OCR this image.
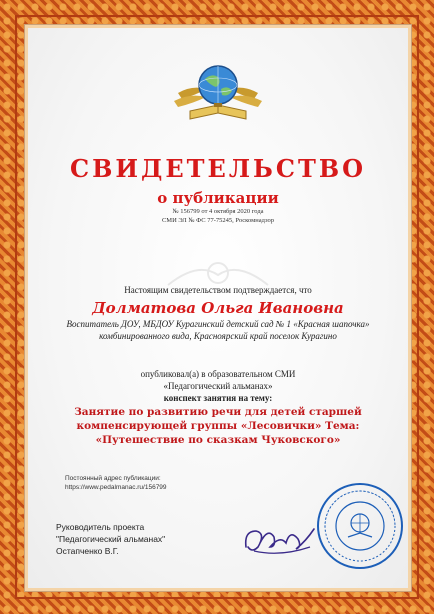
СВИДЕТЕЛЬСТВО
о публикации
№ 156799 от 4 октября 2020 года
СМИ ЭЛ № ФС 77-75245, Роскомнадзор
Настоящим свидетельством подтверждается, что
Долматова Ольга Ивановна
Воспитатель ДОУ, МБДОУ Курагинский детский сад № 1 «Красная шапочка» комбинированного вида, Красноярский край поселок Курагино
опубликовал(а) в образовательном СМИ
«Педагогический альманах»
конспект занятия на тему:
Занятие по развитию речи для детей старшей компенсирующей группы «Лесовички» Тема: «Путешествие по сказкам Чуковского»
Постоянный адрес публикации:
https://www.pedalmanac.ru/156799
Руководитель проекта
"Педагогический альманах"
Остапченко В.Г.
